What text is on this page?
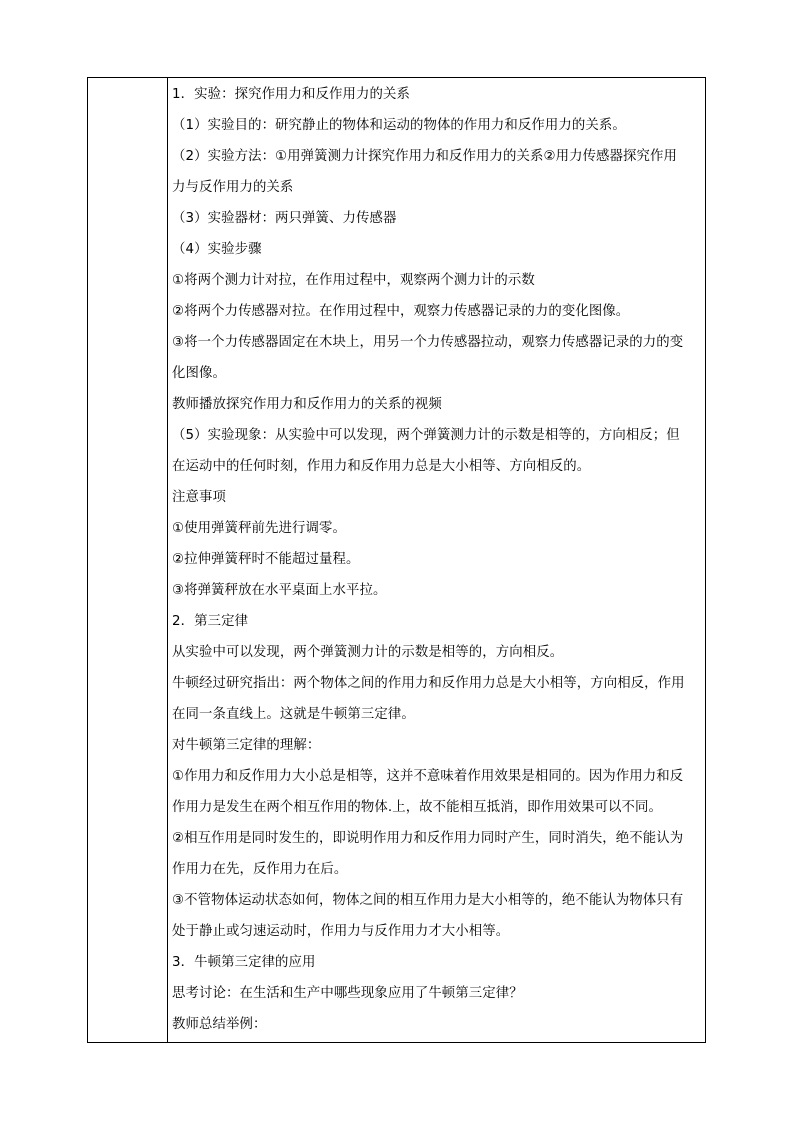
1．实验：探究作用力和反作用力的关系
（1）实验目的：研究静止的物体和运动的物体的作用力和反作用力的关系。
（2）实验方法：①用弹簧测力计探究作用力和反作用力的关系②用力传感器探究作用
力与反作用力的关系
（3）实验器材：两只弹簧、力传感器
（4）实验步骤
①将两个测力计对拉，在作用过程中，观察两个测力计的示数
②将两个力传感器对拉。在作用过程中，观察力传感器记录的力的变化图像。
③将一个力传感器固定在木块上，用另一个力传感器拉动，观察力传感器记录的力的变
化图像。
教师播放探究作用力和反作用力的关系的视频
（5）实验现象：从实验中可以发现，两个弹簧测力计的示数是相等的，方向相反；但
在运动中的任何时刻，作用力和反作用力总是大小相等、方向相反的。
注意事项
①使用弹簧秤前先进行调零。
②拉伸弹簧秤时不能超过量程。
③将弹簧秤放在水平桌面上水平拉。
2．第三定律
从实验中可以发现，两个弹簧测力计的示数是相等的，方向相反。
牛顿经过研究指出：两个物体之间的作用力和反作用力总是大小相等，方向相反，作用
在同一条直线上。这就是牛顿第三定律。
对牛顿第三定律的理解：
①作用力和反作用力大小总是相等，这并不意味着作用效果是相同的。因为作用力和反
作用力是发生在两个相互作用的物体.上，故不能相互抵消，即作用效果可以不同。
②相互作用是同时发生的，即说明作用力和反作用力同时产生，同时消失，绝不能认为
作用力在先，反作用力在后。
③不管物体运动状态如何，物体之间的相互作用力是大小相等的，绝不能认为物体只有
处于静止或匀速运动时，作用力与反作用力才大小相等。
3．牛顿第三定律的应用
思考讨论：在生活和生产中哪些现象应用了牛顿第三定律？
教师总结举例：
